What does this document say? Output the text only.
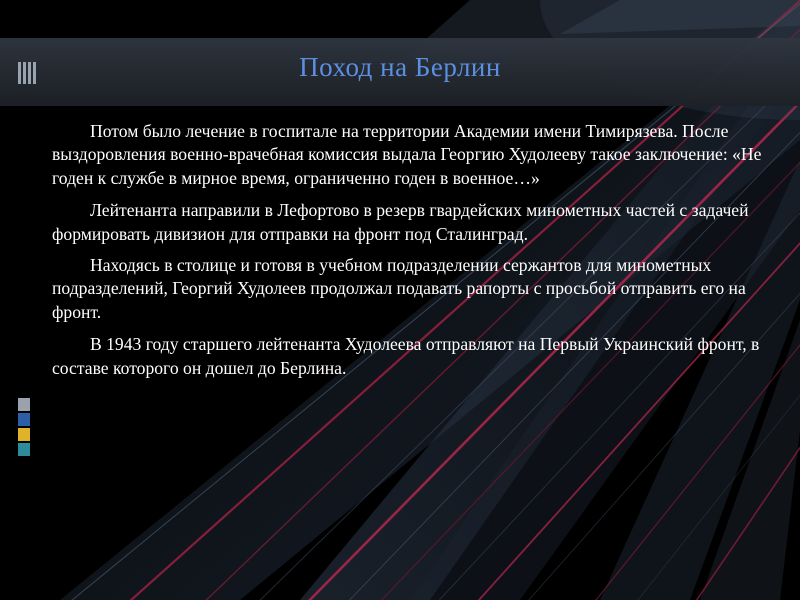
Поход на Берлин

Потом было лечение в госпитале на территории Академии имени Тимирязева. После выздоровления военно-врачебная комиссия выдала Георгию Худолееву такое заключение: «Не годен к службе в мирное время, ограниченно годен в военное…»

Лейтенанта направили в Лефортово в резерв гвардейских минометных частей с задачей формировать дивизион для отправки на фронт под Сталинград.

Находясь в столице и готовя в учебном подразделении сержантов для минометных подразделений, Георгий Худолеев продолжал подавать рапорты с просьбой отправить его на фронт.

В 1943 году старшего лейтенанта Худолеева отправляют на Первый Украинский фронт, в составе которого он дошел до Берлина.
